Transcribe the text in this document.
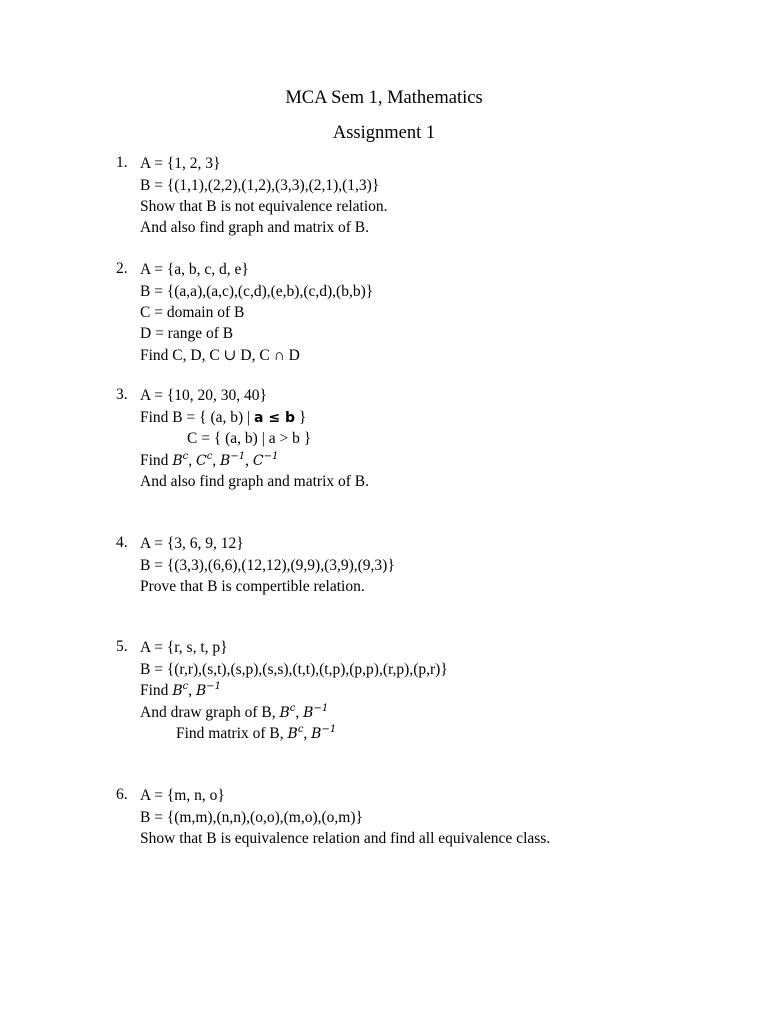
MCA Sem 1, Mathematics
Assignment 1
1. A = {1, 2, 3}
B = {(1,1),(2,2),(1,2),(3,3),(2,1),(1,3)}
Show that B is not equivalence relation.
And also find graph and matrix of B.
2. A = {a, b, c, d, e}
B = {(a,a),(a,c),(c,d),(e,b),(c,d),(b,b)}
C = domain of B
D = range of B
Find C, D, C ∪ D, C ∩ D
3. A = {10, 20, 30, 40}
Find B = { (a, b) | a ≤ b }
C = { (a, b) | a > b }
Find $B^c$, $C^c$, $B^{-1}$, $C^{-1}$
And also find graph and matrix of B.
4. A = {3, 6, 9, 12}
B = {(3,3),(6,6),(12,12),(9,9),(3,9),(9,3)}
Prove that B is compertible relation.
5. A = {r, s, t, p}
B = {(r,r),(s,t),(s,p),(s,s),(t,t),(t,p),(p,p),(r,p),(p,r)}
Find $B^c$, $B^{-1}$
And draw graph of B, $B^c$, $B^{-1}$
Find matrix of B, $B^c$, $B^{-1}$
6. A = {m, n, o}
B = {(m,m),(n,n),(o,o),(m,o),(o,m)}
Show that B is equivalence relation and find all equivalence class.
